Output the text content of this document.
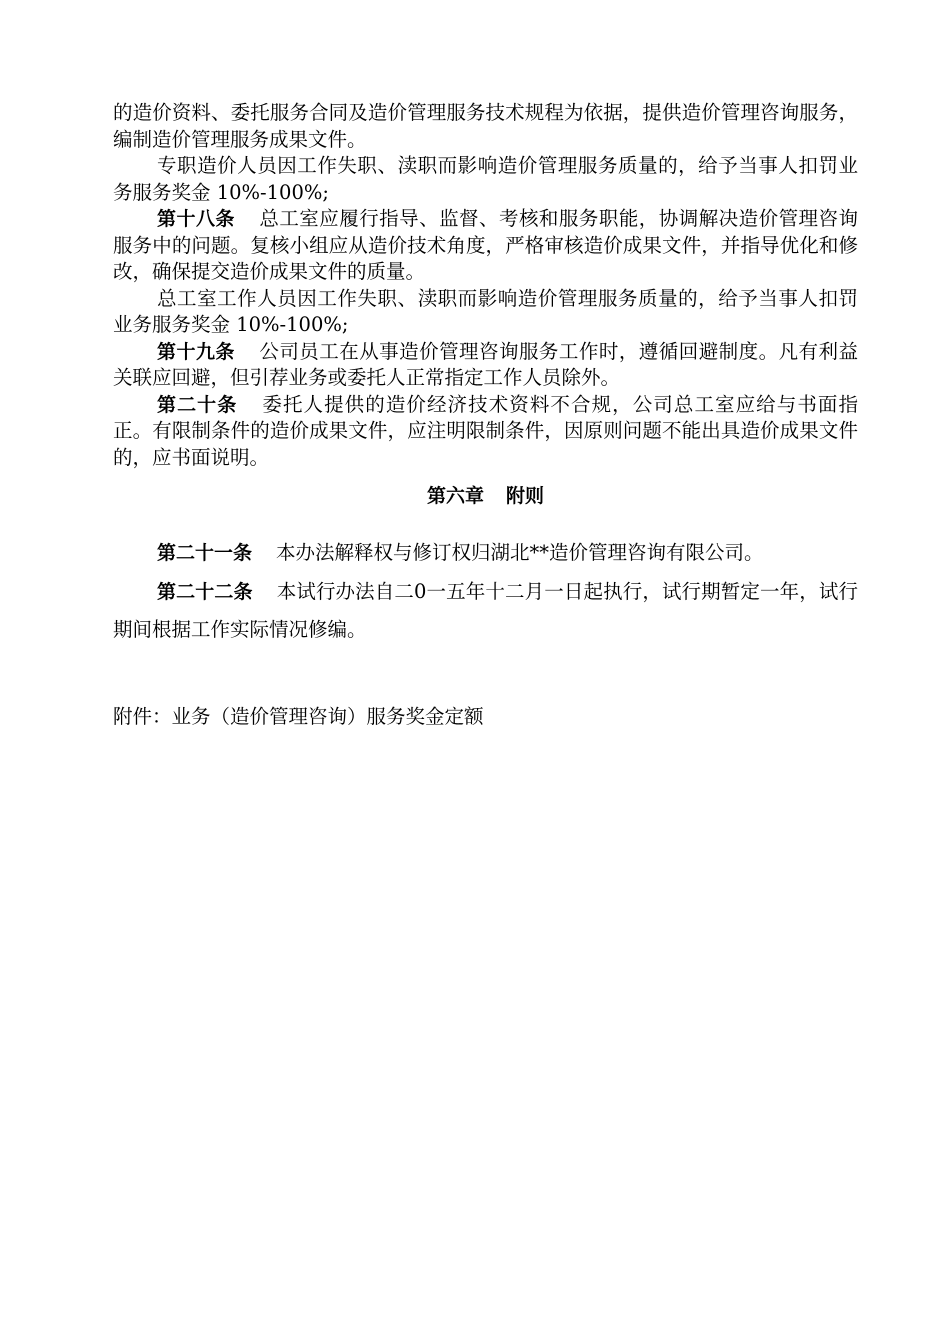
的造价资料、委托服务合同及造价管理服务技术规程为依据，提供造价管理咨询服务，编制造价管理服务成果文件。

专职造价人员因工作失职、渎职而影响造价管理服务质量的，给予当事人扣罚业务服务奖金 10%-100%;

第十八条 总工室应履行指导、监督、考核和服务职能，协调解决造价管理咨询服务中的问题。复核小组应从造价技术角度，严格审核造价成果文件，并指导优化和修改，确保提交造价成果文件的质量。

总工室工作人员因工作失职、渎职而影响造价管理服务质量的，给予当事人扣罚业务服务奖金 10%-100%;

第十九条 公司员工在从事造价管理咨询服务工作时，遵循回避制度。凡有利益关联应回避，但引荐业务或委托人正常指定工作人员除外。

第二十条 委托人提供的造价经济技术资料不合规，公司总工室应给与书面指正。有限制条件的造价成果文件，应注明限制条件，因原则问题不能出具造价成果文件的，应书面说明。

第六章 附则

第二十一条 本办法解释权与修订权归湖北**造价管理咨询有限公司。

第二十二条 本试行办法自二0一五年十二月一日起执行，试行期暂定一年，试行期间根据工作实际情况修编。

附件：业务（造价管理咨询）服务奖金定额
